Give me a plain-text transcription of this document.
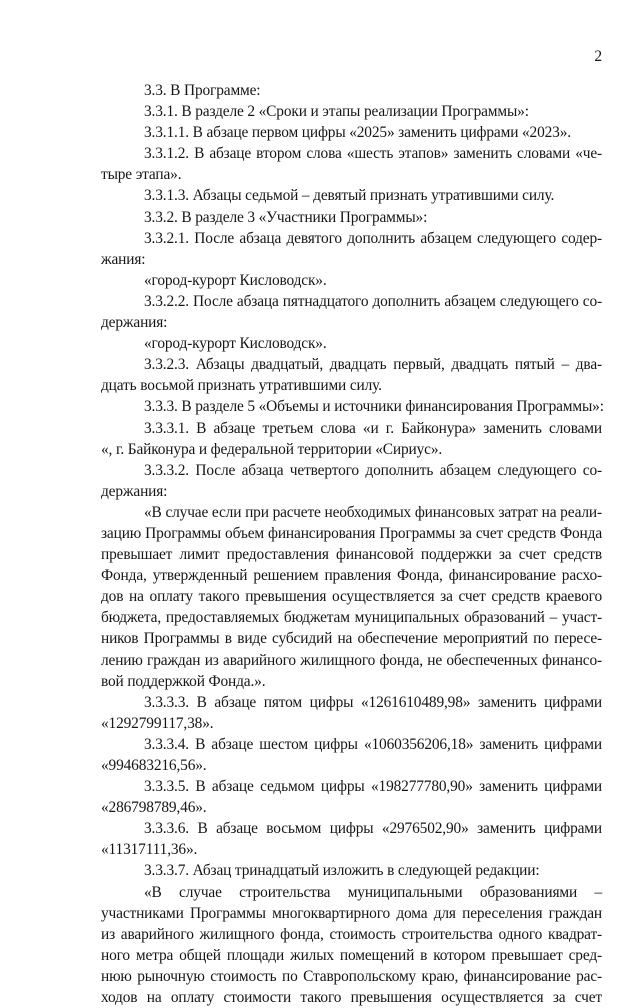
2
3.3. В Программе:
3.3.1. В разделе 2 «Сроки и этапы реализации Программы»:
3.3.1.1. В абзаце первом цифры «2025» заменить цифрами «2023».
3.3.1.2. В абзаце втором слова «шесть этапов» заменить словами «че-
тыре этапа».
3.3.1.3. Абзацы седьмой – девятый признать утратившими силу.
3.3.2. В разделе 3 «Участники Программы»:
3.3.2.1. После абзаца девятого дополнить абзацем следующего содер-
жания:
«город-курорт Кисловодск».
3.3.2.2. После абзаца пятнадцатого дополнить абзацем следующего со-
держания:
«город-курорт Кисловодск».
3.3.2.3. Абзацы двадцатый, двадцать первый, двадцать пятый – два-
дцать восьмой признать утратившими силу.
3.3.3. В разделе 5 «Объемы и источники финансирования Программы»:
3.3.3.1. В абзаце третьем слова «и г. Байконура» заменить словами
«, г. Байконура и федеральной территории «Сириус».
3.3.3.2. После абзаца четвертого дополнить абзацем следующего со-
держания:
«В случае если при расчете необходимых финансовых затрат на реали-
зацию Программы объем финансирования Программы за счет средств Фонда
превышает лимит предоставления финансовой поддержки за счет средств
Фонда, утвержденный решением правления Фонда, финансирование расхо-
дов на оплату такого превышения осуществляется за счет средств краевого
бюджета, предоставляемых бюджетам муниципальных образований – участ-
ников Программы в виде субсидий на обеспечение мероприятий по пересе-
лению граждан из аварийного жилищного фонда, не обеспеченных финансо-
вой поддержкой Фонда.».
3.3.3.3. В абзаце пятом цифры «1261610489,98» заменить цифрами
«1292799117,38».
3.3.3.4. В абзаце шестом цифры «1060356206,18» заменить цифрами
«994683216,56».
3.3.3.5. В абзаце седьмом цифры «198277780,90» заменить цифрами
«286798789,46».
3.3.3.6. В абзаце восьмом цифры «2976502,90» заменить цифрами
«11317111,36».
3.3.3.7. Абзац тринадцатый изложить в следующей редакции:
«В случае строительства муниципальными образованиями –
участниками Программы многоквартирного дома для переселения граждан
из аварийного жилищного фонда, стоимость строительства одного квадрат-
ного метра общей площади жилых помещений в котором превышает сред-
нюю рыночную стоимость по Ставропольскому краю, финансирование рас-
ходов на оплату стоимости такого превышения осуществляется за счет
